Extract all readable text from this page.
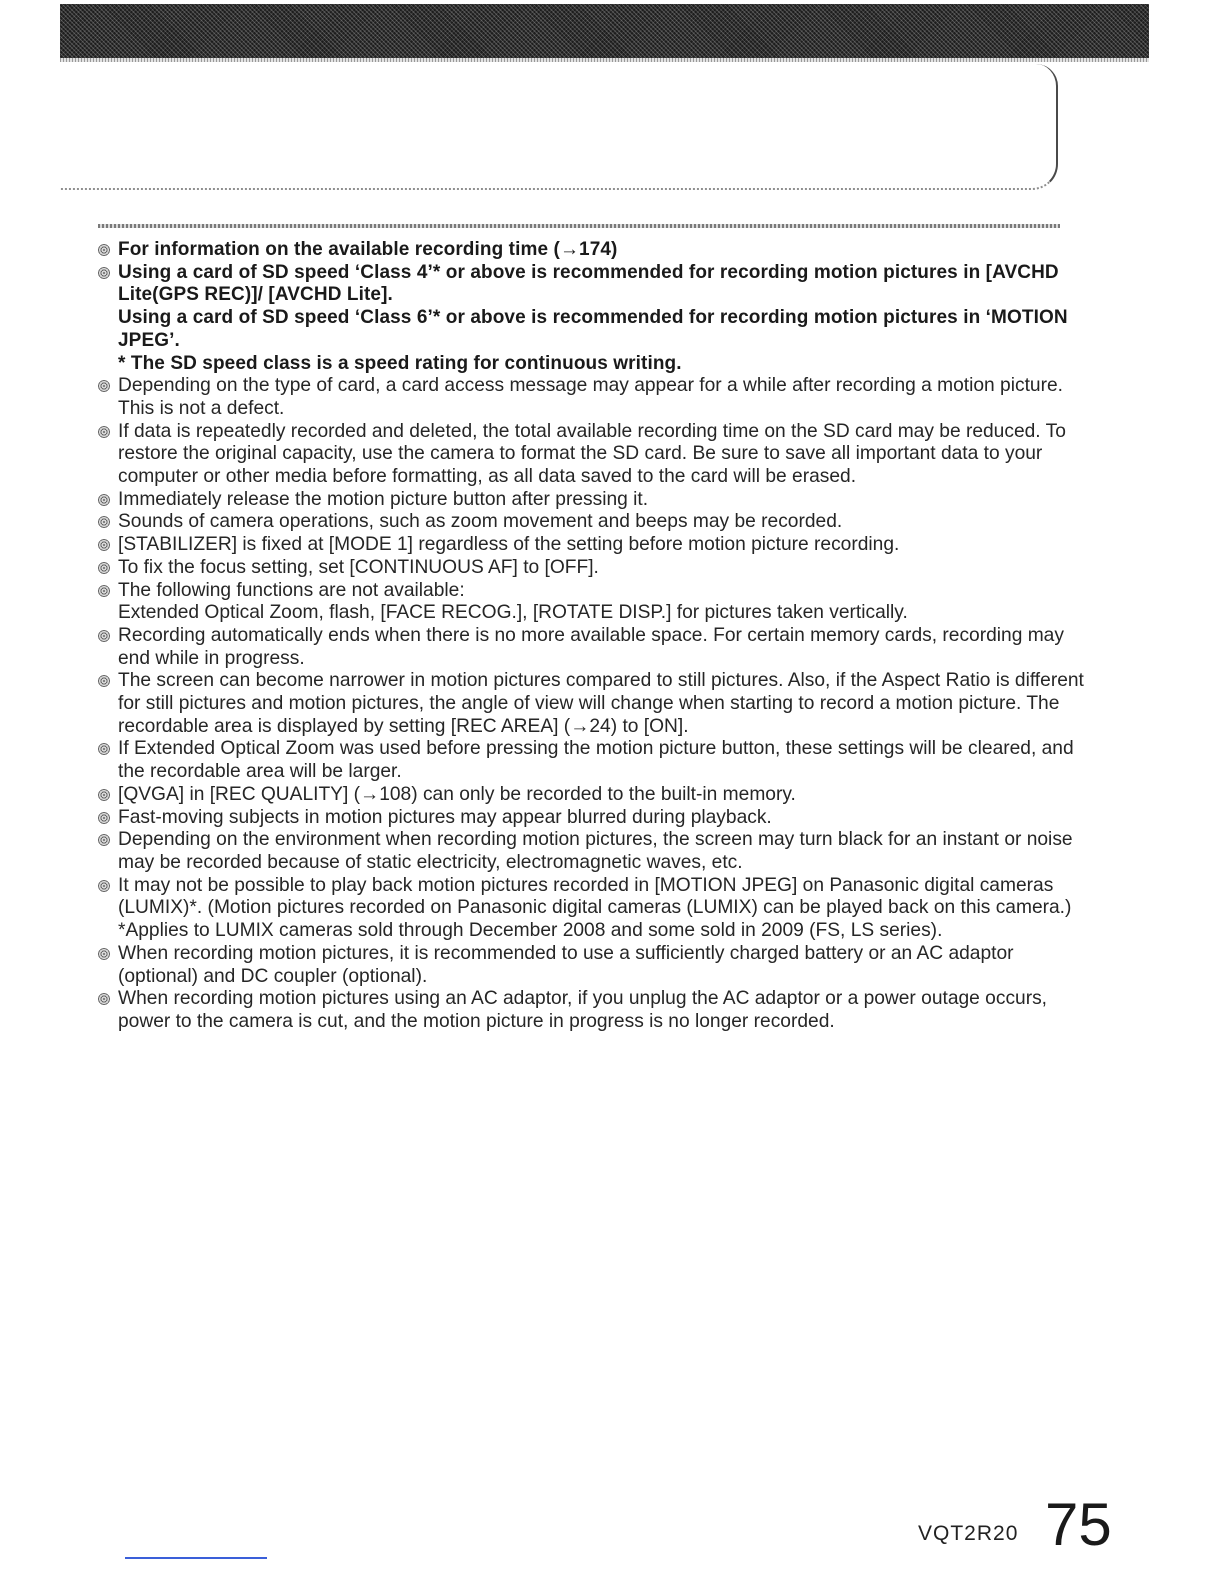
For information on the available recording time (→174)
Using a card of SD speed ‘Class 4’* or above is recommended for recording motion pictures in [AVCHD Lite(GPS REC)]/ [AVCHD Lite].
Using a card of SD speed ‘Class 6’* or above is recommended for recording motion pictures in ‘MOTION JPEG’.
* The SD speed class is a speed rating for continuous writing.
Depending on the type of card, a card access message may appear for a while after recording a motion picture. This is not a defect.
If data is repeatedly recorded and deleted, the total available recording time on the SD card may be reduced. To restore the original capacity, use the camera to format the SD card. Be sure to save all important data to your computer or other media before formatting, as all data saved to the card will be erased.
Immediately release the motion picture button after pressing it.
Sounds of camera operations, such as zoom movement and beeps may be recorded.
[STABILIZER] is fixed at [MODE 1] regardless of the setting before motion picture recording.
To fix the focus setting, set [CONTINUOUS AF] to [OFF].
The following functions are not available:
Extended Optical Zoom, flash, [FACE RECOG.], [ROTATE DISP.] for pictures taken vertically.
Recording automatically ends when there is no more available space. For certain memory cards, recording may end while in progress.
The screen can become narrower in motion pictures compared to still pictures. Also, if the Aspect Ratio is different for still pictures and motion pictures, the angle of view will change when starting to record a motion picture. The recordable area is displayed by setting [REC AREA] (→24) to [ON].
If Extended Optical Zoom was used before pressing the motion picture button, these settings will be cleared, and the recordable area will be larger.
[QVGA] in [REC QUALITY] (→108) can only be recorded to the built-in memory.
Fast-moving subjects in motion pictures may appear blurred during playback.
Depending on the environment when recording motion pictures, the screen may turn black for an instant or noise may be recorded because of static electricity, electromagnetic waves, etc.
It may not be possible to play back motion pictures recorded in [MOTION JPEG] on Panasonic digital cameras (LUMIX)*. (Motion pictures recorded on Panasonic digital cameras (LUMIX) can be played back on this camera.)
*Applies to LUMIX cameras sold through December 2008 and some sold in 2009 (FS, LS series).
When recording motion pictures, it is recommended to use a sufficiently charged battery or an AC adaptor (optional) and DC coupler (optional).
When recording motion pictures using an AC adaptor, if you unplug the AC adaptor or a power outage occurs, power to the camera is cut, and the motion picture in progress is no longer recorded.
VQT2R20 75
